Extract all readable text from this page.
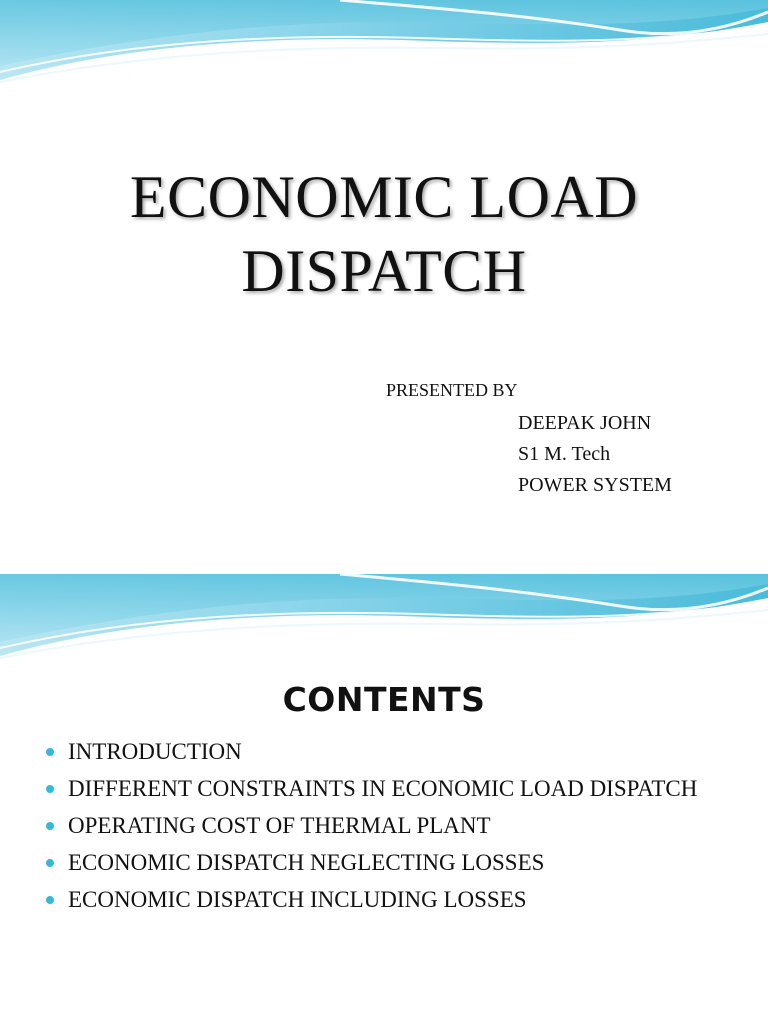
ECONOMIC LOAD
DISPATCH
PRESENTED BY
DEEPAK JOHN
S1 M. Tech
POWER SYSTEM
CONTENTS
INTRODUCTION
DIFFERENT CONSTRAINTS IN ECONOMIC LOAD DISPATCH
OPERATING COST OF THERMAL PLANT
ECONOMIC DISPATCH NEGLECTING LOSSES
ECONOMIC DISPATCH INCLUDING LOSSES
